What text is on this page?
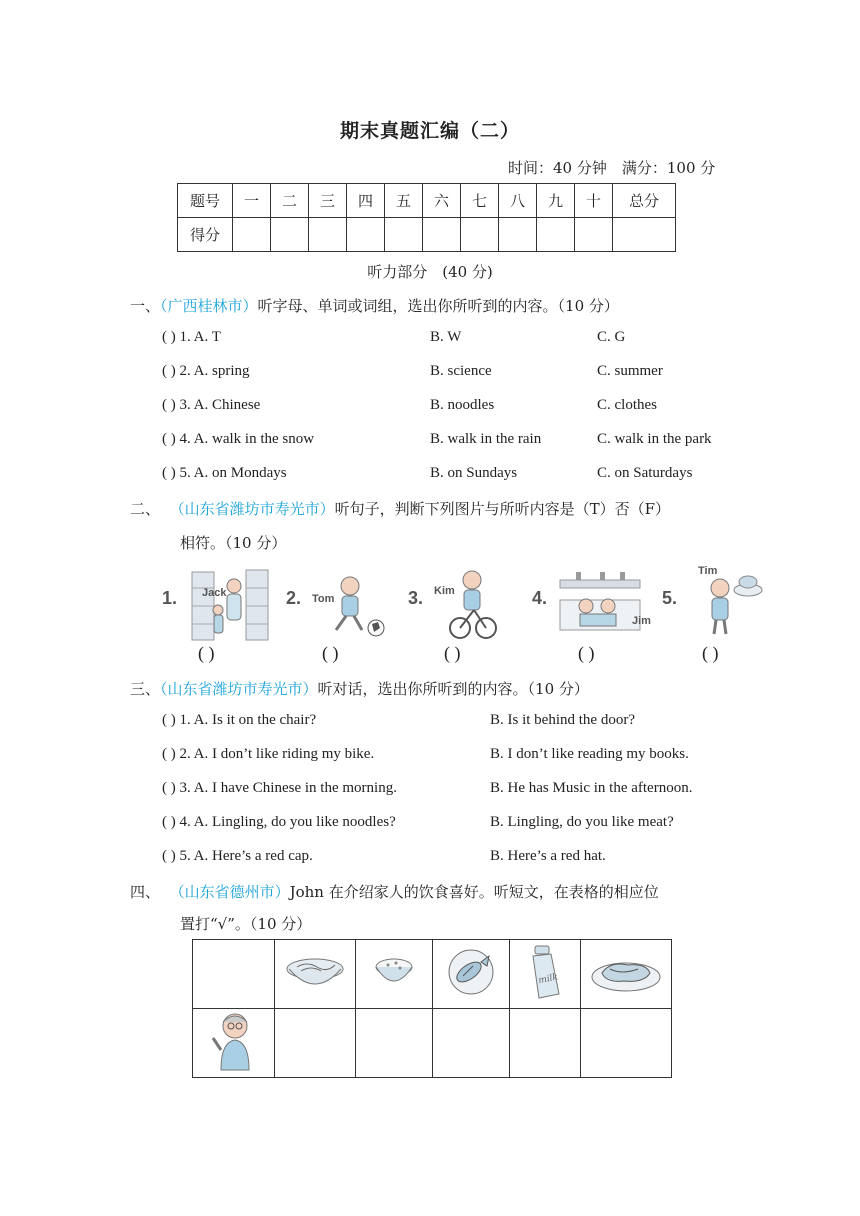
期末真题汇编（二）
时间：40 分钟　满分：100 分
题号	一	二	三	四	五	六	七	八	九	十	总分
得分											
听力部分　(40 分)
一、（广西桂林市）听字母、单词或词组，选出你所听到的内容。（10 分）
( ) 1. A. T	B. W	C. G
( ) 2. A. spring	B. science	C. summer
( ) 3. A. Chinese	B. noodles	C. clothes
( ) 4. A. walk in the snow	B. walk in the rain	C. walk in the park
( ) 5. A. on Mondays	B. on Sundays	C. on Saturdays
二、 （山东省潍坊市寿光市）听句子，判断下列图片与所听内容是（T）否（F）
相符。（10 分）
1. Jack
( )
2. Tom
( )
3. Kim
( )
4.
Jim
( )
5.
Tim
( )
三、（山东省潍坊市寿光市）听对话，选出你所听到的内容。（10 分）
( ) 1. A. Is it on the chair?	B. Is it behind the door?
( ) 2. A. I don’t like riding my bike.	B. I don’t like reading my books.
( ) 3. A. I have Chinese in the morning.	B. He has Music in the afternoon.
( ) 4. A. Lingling, do you like noodles?	B. Lingling, do you like meat?
( ) 5. A. Here’s a red cap.	B. Here’s a red hat.
四、 （山东省德州市）John 在介绍家人的饮食喜好。听短文，在表格的相应位
置打“√”。（10 分）

milk
